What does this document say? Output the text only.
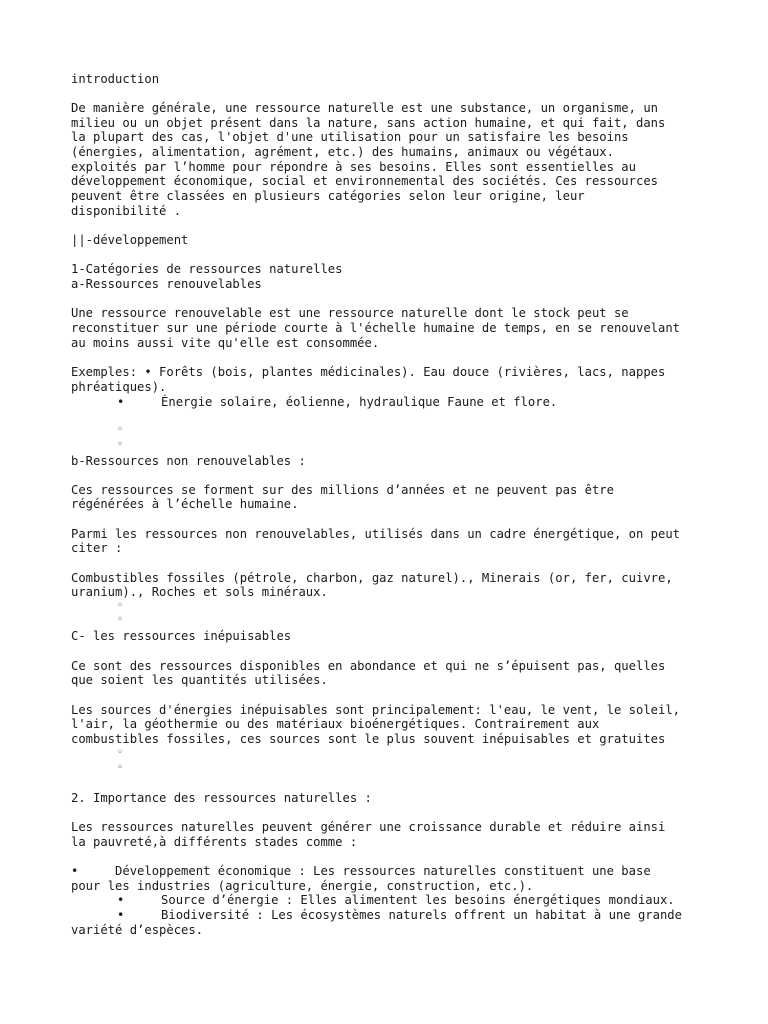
introduction
De manière générale, une ressource naturelle est une substance, un organisme, un
milieu ou un objet présent dans la nature, sans action humaine, et qui fait, dans
la plupart des cas, l'objet d'une utilisation pour un satisfaire les besoins
(énergies, alimentation, agrément, etc.) des humains, animaux ou végétaux.
exploités par l’homme pour répondre à ses besoins. Elles sont essentielles au
développement économique, social et environnemental des sociétés. Ces ressources
peuvent être classées en plusieurs catégories selon leur origine, leur
disponibilité .
||-développement
1-Catégories de ressources naturelles
a-Ressources renouvelables
Une ressource renouvelable est une ressource naturelle dont le stock peut se
reconstituer sur une période courte à l'échelle humaine de temps, en se renouvelant
au moins aussi vite qu'elle est consommée.
Exemples: • Forêts (bois, plantes médicinales). Eau douce (rivières, lacs, nappes
phréatiques).
•     Énergie solaire, éolienne, hydraulique Faune et flore.
◦
◦
b-Ressources non renouvelables :
Ces ressources se forment sur des millions d’années et ne peuvent pas être
régénérées à l’échelle humaine.
Parmi les ressources non renouvelables, utilisés dans un cadre énergétique, on peut
citer :
Combustibles fossiles (pétrole, charbon, gaz naturel)., Minerais (or, fer, cuivre,
uranium)., Roches et sols minéraux.
◦
◦
C- les ressources inépuisables
Ce sont des ressources disponibles en abondance et qui ne s’épuisent pas, quelles
que soient les quantités utilisées.
Les sources d'énergies inépuisables sont principalement: l'eau, le vent, le soleil,
l'air, la géothermie ou des matériaux bioénergétiques. Contrairement aux
combustibles fossiles, ces sources sont le plus souvent inépuisables et gratuites
◦
◦
2. Importance des ressources naturelles :
Les ressources naturelles peuvent générer une croissance durable et réduire ainsi
la pauvreté,à différents stades comme :
•     Développement économique : Les ressources naturelles constituent une base
pour les industries (agriculture, énergie, construction, etc.).
•     Source d’énergie : Elles alimentent les besoins énergétiques mondiaux.
•     Biodiversité : Les écosystèmes naturels offrent un habitat à une grande
variété d’espèces.
